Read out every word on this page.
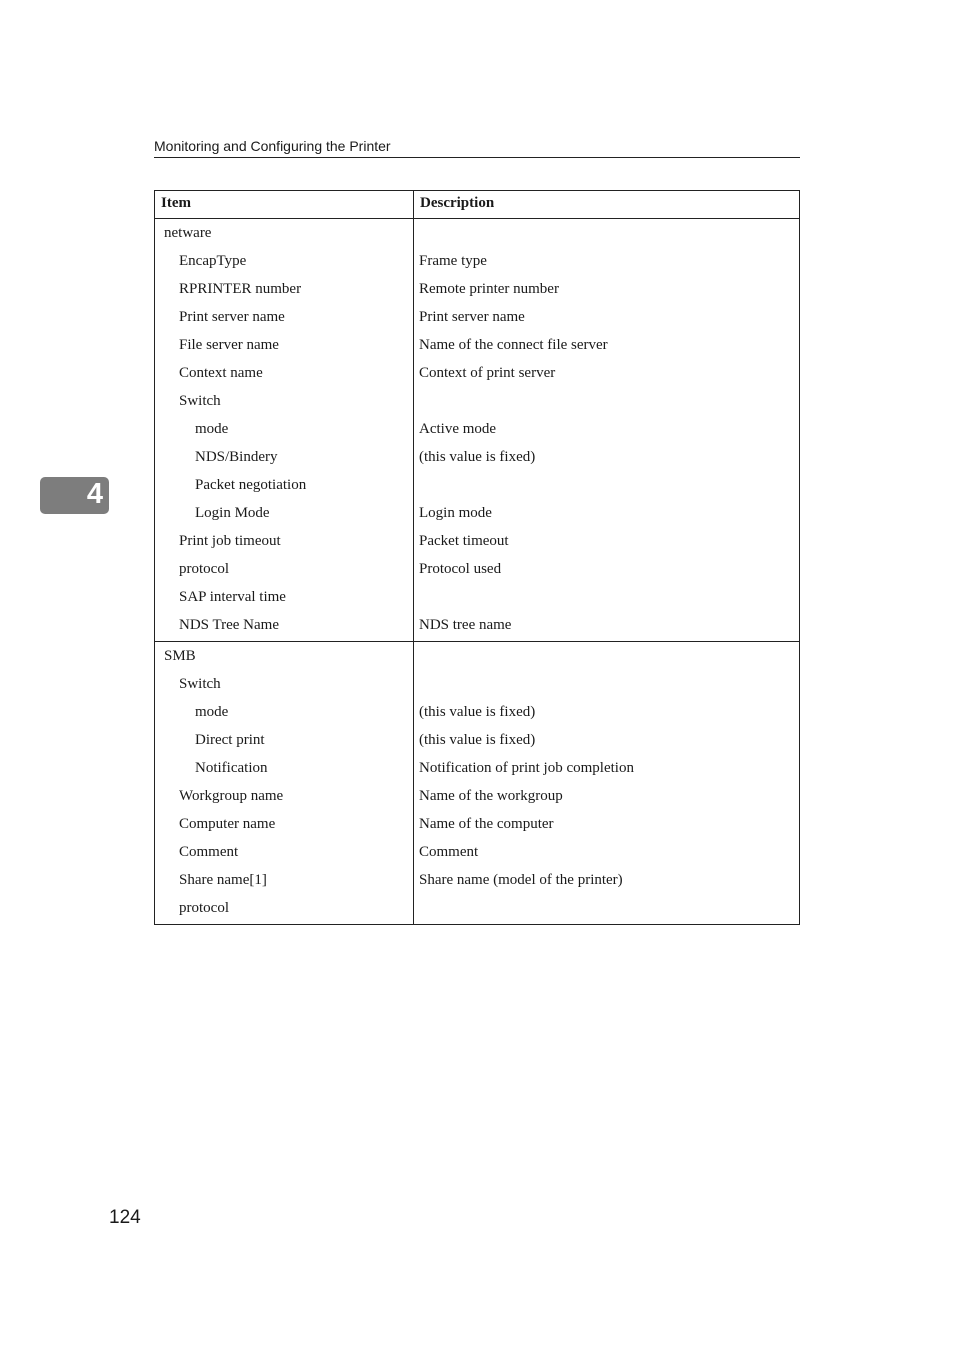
Monitoring and Configuring the Printer
4
Item	Description
netware
EncapType
RPRINTER number
Print server name
File server name
Context name
Switch
mode
NDS/Bindery
Packet negotiation
Login Mode
Print job timeout
protocol
SAP interval time
NDS Tree Name
Frame type
Remote printer number
Print server name
Name of the connect file server
Context of print server
Active mode
(this value is fixed)
Login mode
Packet timeout
Protocol used
NDS tree name
SMB
Switch
mode
Direct print
Notification
Workgroup name
Computer name
Comment
Share name[1]
protocol
(this value is fixed)
(this value is fixed)
Notification of print job completion
Name of the workgroup
Name of the computer
Comment
Share name (model of the printer)
124
